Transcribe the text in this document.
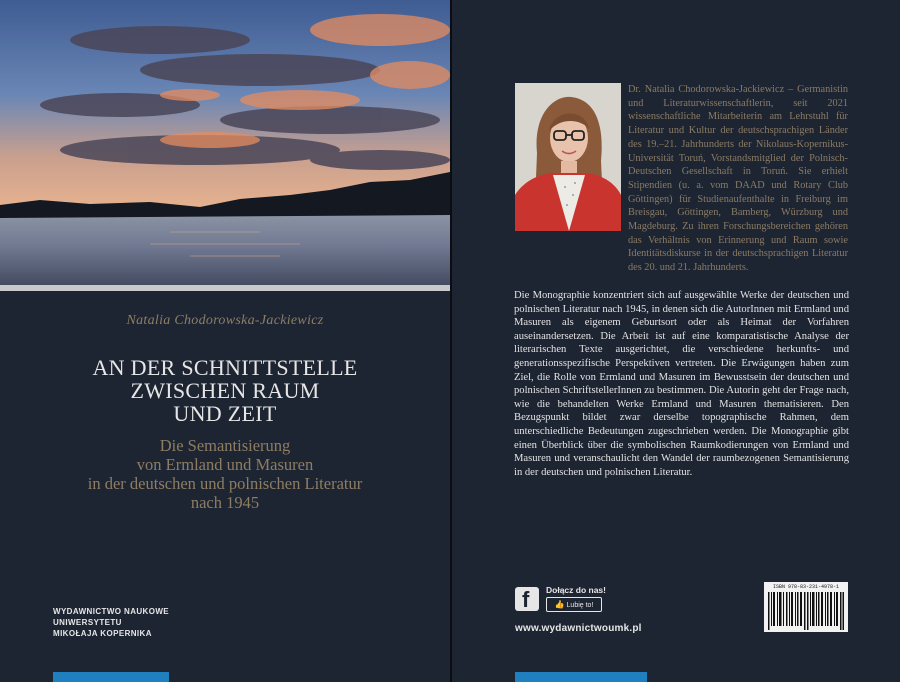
Natalia Chodorowska-Jackiewicz
AN DER SCHNITTSTELLE
ZWISCHEN RAUM
UND ZEIT
Die Semantisierung
von Ermland und Masuren
in der deutschen und polnischen Literatur
nach 1945
WYDAWNICTWO NAUKOWE
UNIWERSYTETU
MIKOŁAJA KOPERNIKA
Dr. Natalia Chodorowska-Jackiewicz – Germanistin und Literaturwissenschaftlerin, seit 2021 wissenschaftliche Mitarbeiterin am Lehrstuhl für Literatur und Kultur der deutschsprachigen Länder des 19.–21. Jahrhunderts der Nikolaus-Kopernikus-Universität Toruń, Vorstandsmitglied der Polnisch-Deutschen Gesellschaft in Toruń. Sie erhielt Stipendien (u. a. vom DAAD und Rotary Club Göttingen) für Studienaufenthalte in Freiburg im Breisgau, Göttingen, Bamberg, Würzburg und Magdeburg. Zu ihren Forschungsbereichen gehören das Verhältnis von Erinnerung und Raum sowie Identitätsdiskurse in der deutschsprachigen Literatur des 20. und 21. Jahrhunderts.
Die Monographie konzentriert sich auf ausgewählte Werke der deutschen und polnischen Literatur nach 1945, in denen sich die AutorInnen mit Ermland und Masuren als eigenem Geburtsort oder als Heimat der Vorfahren auseinandersetzen. Die Arbeit ist auf eine komparatistische Analyse der literarischen Texte ausgerichtet, die verschiedene herkunfts- und generationsspezifische Perspektiven vertreten. Die Erwägungen haben zum Ziel, die Rolle von Ermland und Masuren im Bewusstsein der deutschen und polnischen SchriftstellerInnen zu bestimmen. Die Autorin geht der Frage nach, wie die behandelten Werke Ermland und Masuren thematisieren. Den Bezugspunkt bildet zwar derselbe topographische Rahmen, dem unterschiedliche Bedeutungen zugeschrieben werden. Die Monographie gibt einen Überblick über die symbolischen Raumkodierungen von Ermland und Masuren und veranschaulicht den Wandel der raumbezogenen Semantisierung in der deutschen und polnischen Literatur.
f Dołącz do nas!
👍 Lubię to!
www.wydawnictwoumk.pl
ISBN 978-83-231-4978-1
